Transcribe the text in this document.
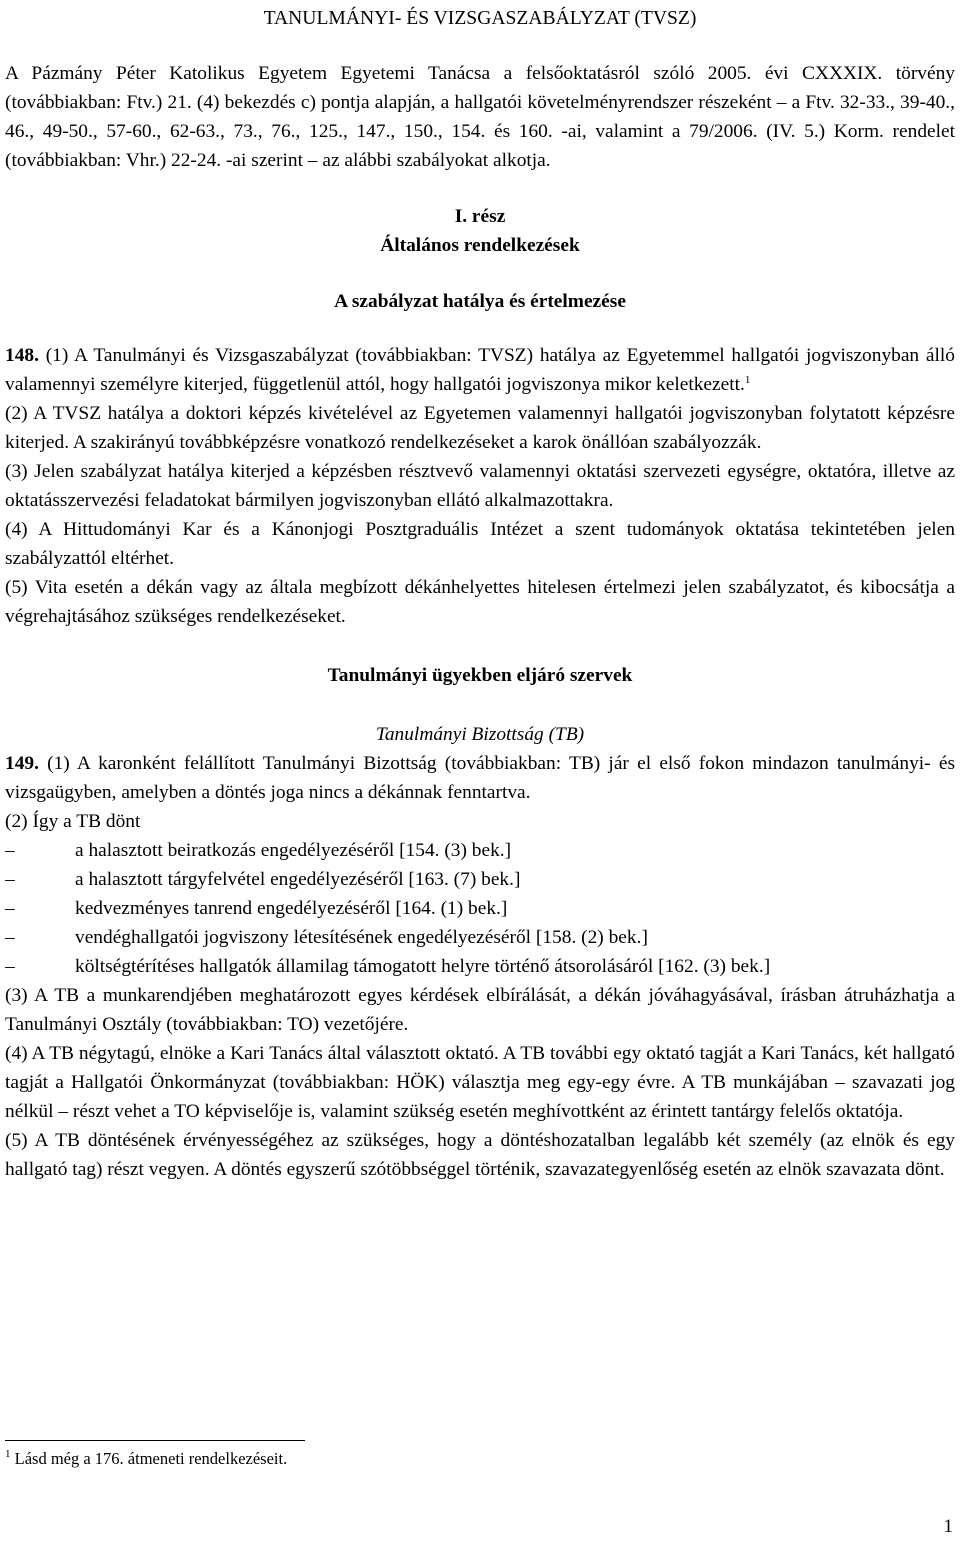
TANULMÁNYI- ÉS VIZSGASZABÁLYZAT (TVSZ)

A Pázmány Péter Katolikus Egyetem Egyetemi Tanácsa a felsőoktatásról szóló 2005. évi CXXXIX. törvény (továbbiakban: Ftv.) 21. (4) bekezdés c) pontja alapján, a hallgatói követelményrendszer részeként – a Ftv. 32-33., 39-40., 46., 49-50., 57-60., 62-63., 73., 76., 125., 147., 150., 154. és 160. -ai, valamint a 79/2006. (IV. 5.) Korm. rendelet (továbbiakban: Vhr.) 22-24. -ai szerint – az alábbi szabályokat alkotja.

I. rész
Általános rendelkezések
A szabályzat hatálya és értelmezése

148. (1) A Tanulmányi és Vizsgaszabályzat (továbbiakban: TVSZ) hatálya az Egyetemmel hallgatói jogviszonyban álló valamennyi személyre kiterjed, függetlenül attól, hogy hallgatói jogviszonya mikor keletkezett.$^1$

(2) A TVSZ hatálya a doktori képzés kivételével az Egyetemen valamennyi hallgatói jogviszonyban folytatott képzésre kiterjed. A szakirányú továbbképzésre vonatkozó rendelkezéseket a karok önállóan szabályozzák.

(3) Jelen szabályzat hatálya kiterjed a képzésben résztvevő valamennyi oktatási szervezeti egységre, oktatóra, illetve az oktatásszervezési feladatokat bármilyen jogviszonyban ellátó alkalmazottakra.

(4) A Hittudományi Kar és a Kánonjogi Posztgraduális Intézet a szent tudományok oktatása tekintetében jelen szabályzattól eltérhet.

(5) Vita esetén a dékán vagy az általa megbízott dékánhelyettes hitelesen értelmezi jelen szabályzatot, és kibocsátja a végrehajtásához szükséges rendelkezéseket.

Tanulmányi ügyekben eljáró szervek
Tanulmányi Bizottság (TB)

149. (1) A karonként felállított Tanulmányi Bizottság (továbbiakban: TB) jár el első fokon mindazon tanulmányi- és vizsgaügyben, amelyben a döntés joga nincs a dékánnak fenntartva.

(2) Így a TB dönt

–	a halasztott beiratkozás engedélyezéséről [154. (3) bek.]
–	a halasztott tárgyfelvétel engedélyezéséről [163. (7) bek.]
–	kedvezményes tanrend engedélyezéséről [164. (1) bek.]
–	vendéghallgatói jogviszony létesítésének engedélyezéséről [158. (2) bek.]
–	költségtérítéses hallgatók államilag támogatott helyre történő átsorolásáról [162. (3) bek.]

(3) A TB a munkarendjében meghatározott egyes kérdések elbírálását, a dékán jóváhagyásával, írásban átruházhatja a Tanulmányi Osztály (továbbiakban: TO) vezetőjére.

(4) A TB négytagú, elnöke a Kari Tanács által választott oktató. A TB további egy oktató tagját a Kari Tanács, két hallgató tagját a Hallgatói Önkormányzat (továbbiakban: HÖK) választja meg egy-egy évre. A TB munkájában – szavazati jog nélkül – részt vehet a TO képviselője is, valamint szükség esetén meghívottként az érintett tantárgy felelős oktatója.

(5) A TB döntésének érvényességéhez az szükséges, hogy a döntéshozatalban legalább két személy (az elnök és egy hallgató tag) részt vegyen. A döntés egyszerű szótöbbséggel történik, szavazategyenlőség esetén az elnök szavazata dönt.

$^1$ Lásd még a 176. átmeneti rendelkezéseit.
1
